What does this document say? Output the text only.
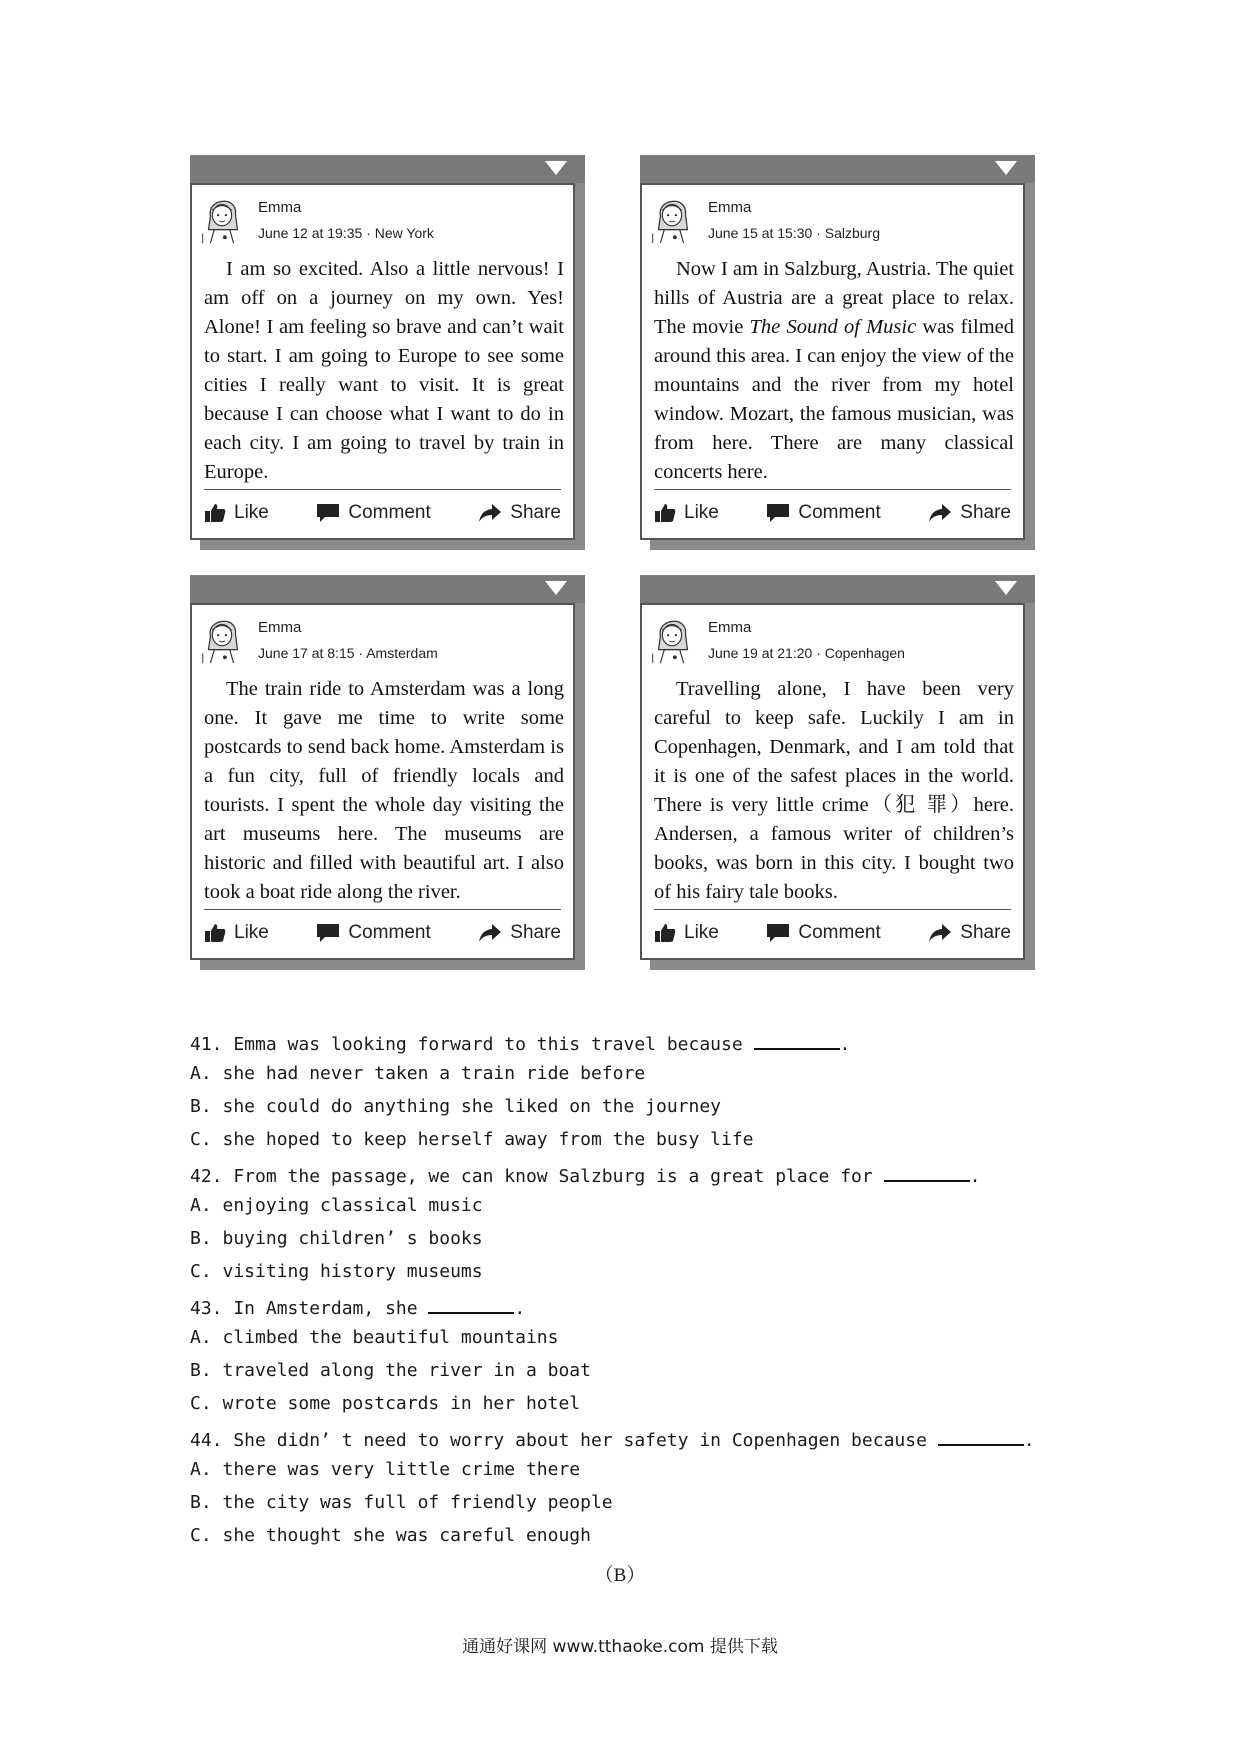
Emma
June 12 at 19:35 · New York
I am so excited. Also a little nervous! I am off on a journey on my own. Yes! Alone! I am feeling so brave and can’t wait to start. I am going to Europe to see some cities I really want to visit. It is great because I can choose what I want to do in each city. I am going to travel by train in Europe.
Like	Comment	Share
Emma
June 15 at 15:30 · Salzburg
Now I am in Salzburg, Austria. The quiet hills of Austria are a great place to relax. The movie The Sound of Music was filmed around this area. I can enjoy the view of the mountains and the river from my hotel window. Mozart, the famous musician, was from here. There are many classical concerts here.
Like	Comment	Share
Emma
June 17 at 8:15 · Amsterdam
The train ride to Amsterdam was a long one. It gave me time to write some postcards to send back home. Amsterdam is a fun city, full of friendly locals and tourists. I spent the whole day visiting the art museums here. The museums are historic and filled with beautiful art. I also took a boat ride along the river.
Like	Comment	Share
Emma
June 19 at 21:20 · Copenhagen
Travelling alone, I have been very careful to keep safe. Luckily I am in Copenhagen, Denmark, and I am told that it is one of the safest places in the world. There is very little crime（犯 罪）here. Andersen, a famous writer of children’s books, was born in this city. I bought two of his fairy tale books.
Like	Comment	Share
41. Emma was looking forward to this travel because	.
A. she had never taken a train ride before
B. she could do anything she liked on the journey
C. she hoped to keep herself away from the busy life
42. From the passage, we can know Salzburg is a great place for	.
A. enjoying classical music
B. buying children’ s books
C. visiting history museums
43. In Amsterdam, she	.
A. climbed the beautiful mountains
B. traveled along the river in a boat
C. wrote some postcards in her hotel
44. She didn’ t need to worry about her safety in Copenhagen because	.
A. there was very little crime there
B. the city was full of friendly people
C. she thought she was careful enough
（B）
通通好课网 www.tthaoke.com 提供下载
